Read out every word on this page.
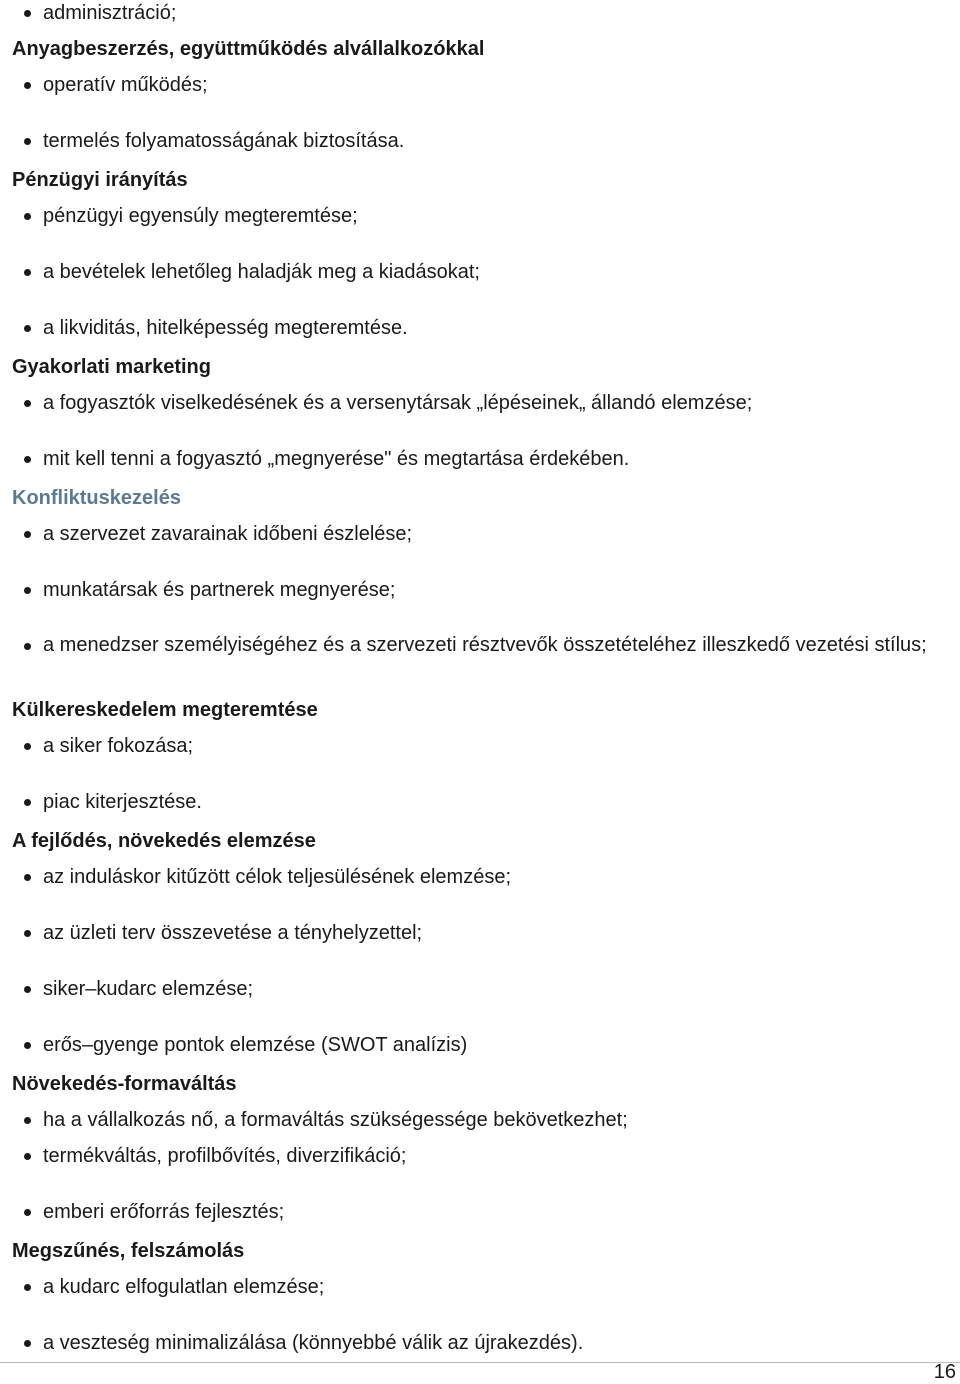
adminisztráció;
Anyagbeszerzés, együttműködés alvállalkozókkal
operatív működés;
termelés folyamatosságának biztosítása.
Pénzügyi irányítás
pénzügyi egyensúly megteremtése;
a bevételek lehetőleg haladják meg a kiadásokat;
a likviditás, hitelképesség megteremtése.
Gyakorlati marketing
a fogyasztók viselkedésének és a versenytársak „lépéseinek„ állandó elemzése;
mit kell tenni a fogyasztó „megnyerése" és megtartása érdekében.
Konfliktuskezelés
a szervezet zavarainak időbeni észlelése;
munkatársak és partnerek megnyerése;
a menedzser személyiségéhez és a szervezeti résztvevők összetételéhez illeszkedő vezetési stílus;
Külkereskedelem megteremtése
a siker fokozása;
piac kiterjesztése.
A fejlődés, növekedés elemzése
az induláskor kitűzött célok teljesülésének elemzése;
az üzleti terv összevetése a tényhelyzettel;
siker–kudarc elemzése;
erős–gyenge pontok elemzése (SWOT analízis)
Növekedés-formaváltás
ha a vállalkozás nő, a formaváltás szükségessége bekövetkezhet;
termékváltás, profilbővítés, diverzifikáció;
emberi erőforrás fejlesztés;
Megszűnés, felszámolás
a kudarc elfogulatlan elemzése;
a veszteség minimalizálása (könnyebbé válik az újrakezdés).
16
